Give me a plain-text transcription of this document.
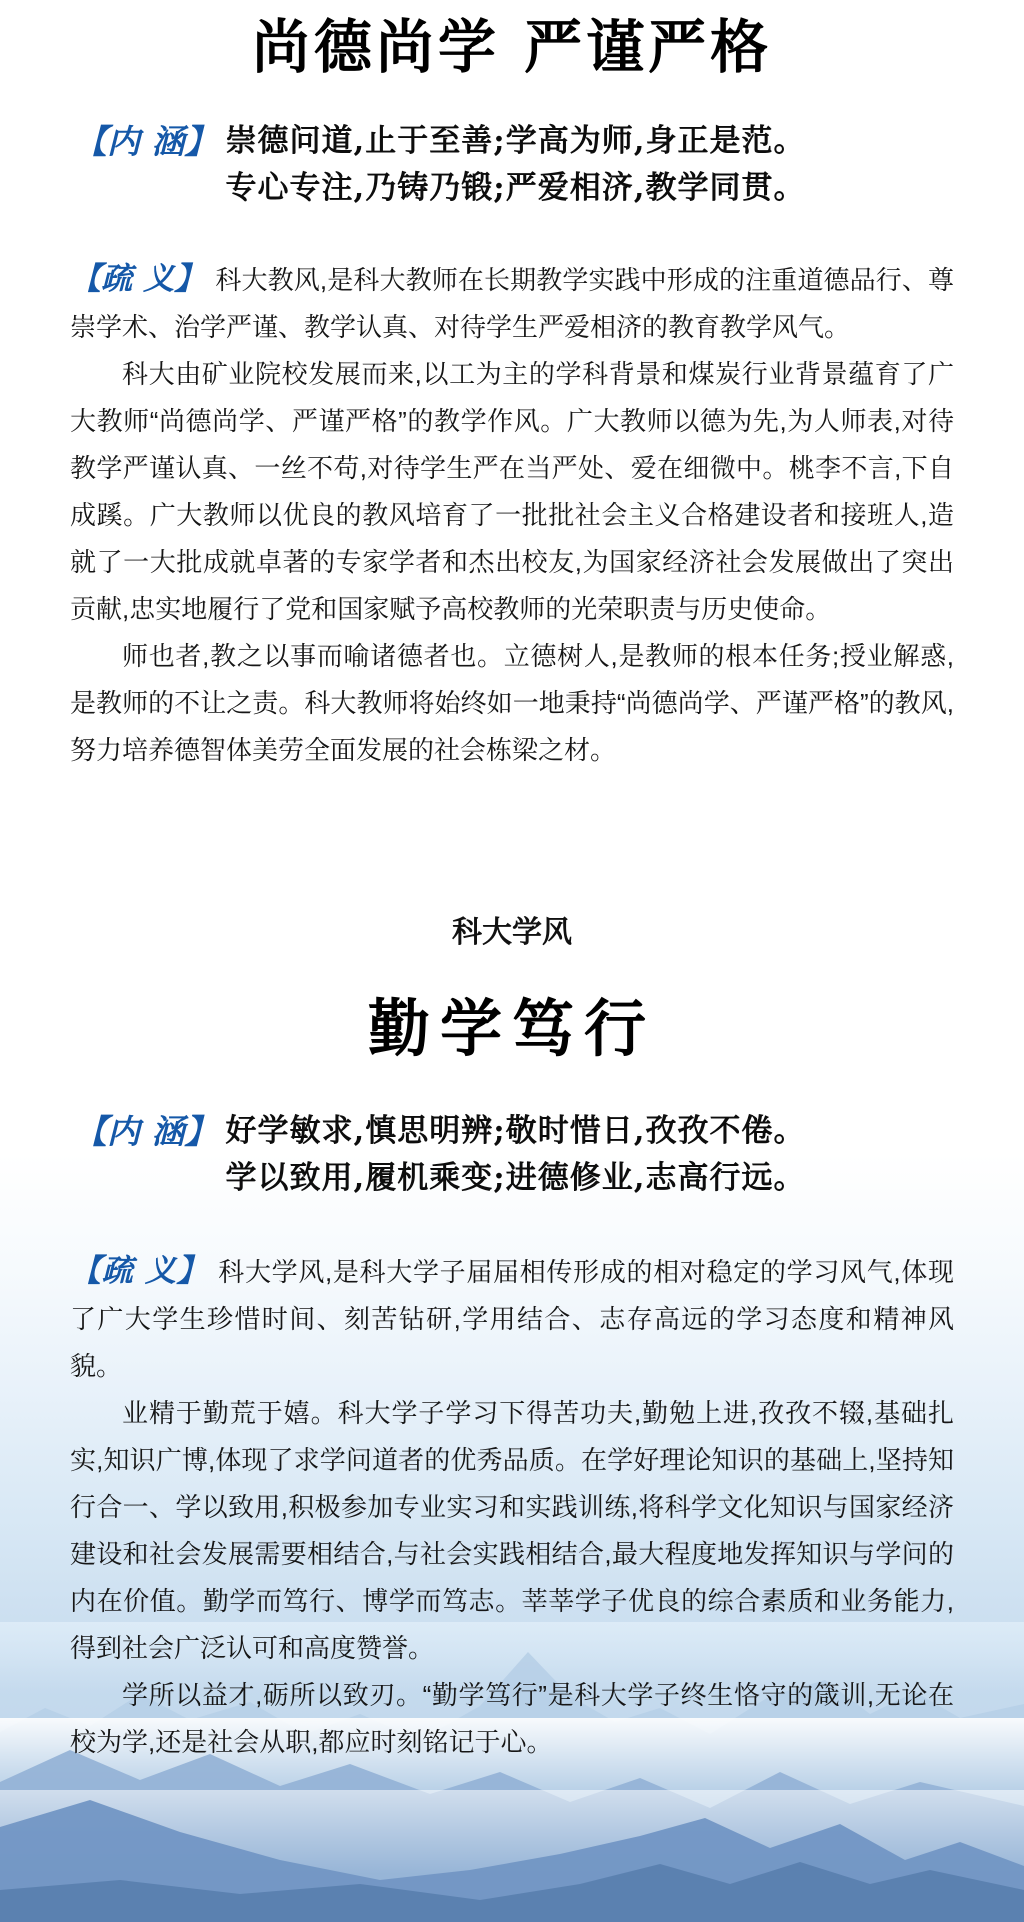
尚德尚学 严谨严格
【内 涵】 崇德问道,止于至善;学高为师,身正是范。
专心专注,乃铸乃锻;严爱相济,教学同贯。

【疏 义】 科大教风,是科大教师在长期教学实践中形成的注重道德品行、尊崇学术、治学严谨、教学认真、对待学生严爱相济的教育教学风气。

科大由矿业院校发展而来,以工为主的学科背景和煤炭行业背景蕴育了广大教师“尚德尚学、严谨严格”的教学作风。广大教师以德为先,为人师表,对待教学严谨认真、一丝不苟,对待学生严在当严处、爱在细微中。桃李不言,下自成蹊。广大教师以优良的教风培育了一批批社会主义合格建设者和接班人,造就了一大批成就卓著的专家学者和杰出校友,为国家经济社会发展做出了突出贡献,忠实地履行了党和国家赋予高校教师的光荣职责与历史使命。

师也者,教之以事而喻诸德者也。立德树人,是教师的根本任务;授业解惑,是教师的不让之责。科大教师将始终如一地秉持“尚德尚学、严谨严格”的教风,努力培养德智体美劳全面发展的社会栋梁之材。

科大学风
勤学笃行
【内 涵】 好学敏求,慎思明辨;敬时惜日,孜孜不倦。
学以致用,履机乘变;进德修业,志高行远。

【疏 义】 科大学风,是科大学子届届相传形成的相对稳定的学习风气,体现了广大学生珍惜时间、刻苦钻研,学用结合、志存高远的学习态度和精神风貌。

业精于勤荒于嬉。科大学子学习下得苦功夫,勤勉上进,孜孜不辍,基础扎实,知识广博,体现了求学问道者的优秀品质。在学好理论知识的基础上,坚持知行合一、学以致用,积极参加专业实习和实践训练,将科学文化知识与国家经济建设和社会发展需要相结合,与社会实践相结合,最大程度地发挥知识与学问的内在价值。勤学而笃行、博学而笃志。莘莘学子优良的综合素质和业务能力,得到社会广泛认可和高度赞誉。

学所以益才,砺所以致刃。“勤学笃行”是科大学子终生恪守的箴训,无论在校为学,还是社会从职,都应时刻铭记于心。
